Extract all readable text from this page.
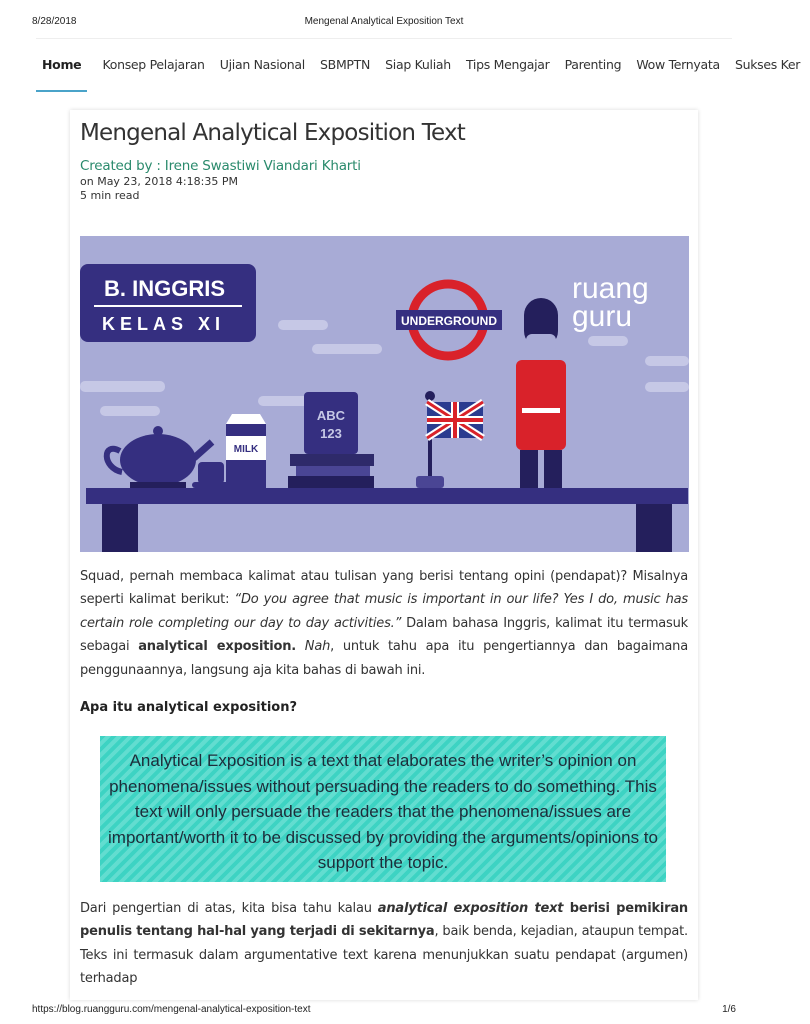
8/28/2018	Mengenal Analytical Exposition Text
Home Konsep Pelajaran Ujian Nasional SBMPTN Siap Kuliah Tips Mengajar Parenting Wow Ternyata Sukses Ker
Mengenal Analytical Exposition Text
Created by : Irene Swastiwi Viandari Kharti
on May 23, 2018 4:18:35 PM
5 min read
B. INGGRIS
KELAS XI	UNDERGROUND
ruang
guru
MILK
ABC
123
Squad, pernah membaca kalimat atau tulisan yang berisi tentang opini (pendapat)? Misalnya seperti kalimat berikut: “Do you agree that music is important in our life? Yes I do, music has certain role completing our day to day activities.” Dalam bahasa Inggris, kalimat itu termasuk sebagai analytical exposition. Nah, untuk tahu apa itu pengertiannya dan bagaimana penggunaannya, langsung aja kita bahas di bawah ini.
Apa itu analytical exposition?
Analytical Exposition is a text that elaborates the writer’s opinion on phenomena/issues without persuading the readers to do something. This text will only persuade the readers that the phenomena/issues are important/worth it to be discussed by providing the arguments/opinions to support the topic.
Dari pengertian di atas, kita bisa tahu kalau analytical exposition text berisi pemikiran penulis tentang hal-hal yang terjadi di sekitarnya, baik benda, kejadian, ataupun tempat. Teks ini termasuk dalam argumentative text karena menunjukkan suatu pendapat (argumen) terhadap
https://blog.ruangguru.com/mengenal-analytical-exposition-text	1/6
